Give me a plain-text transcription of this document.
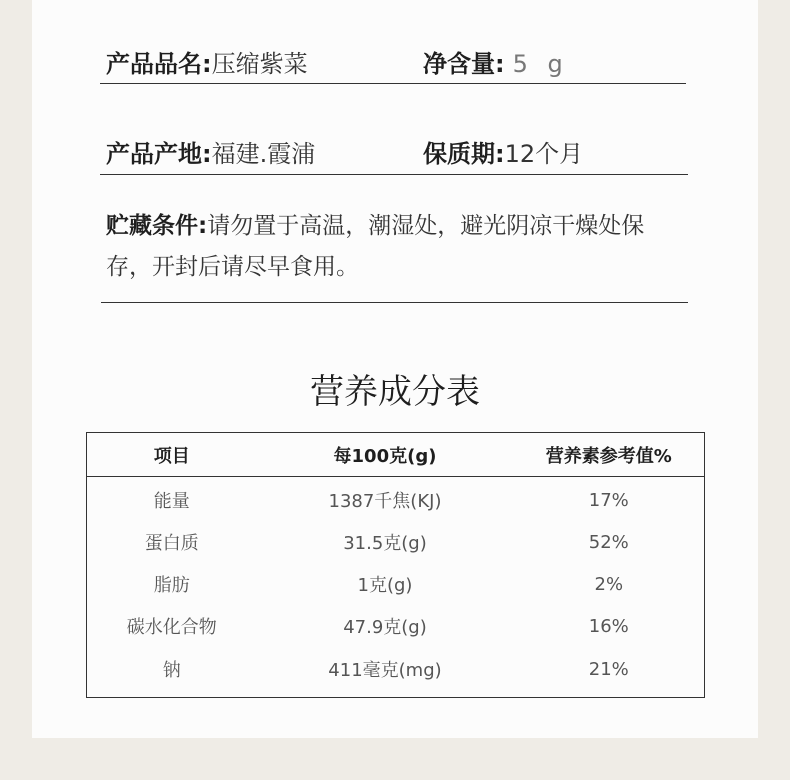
产品品名: 压缩紫菜	净含量: 5 g
产品产地: 福建.霞浦	保质期: 12个月
贮藏条件:请勿置于高温，潮湿处，避光阴凉干燥处保存，开封后请尽早食用。
营养成分表
项目	每100克(g)	营养素参考值%
能量	1387千焦(KJ)	17%
蛋白质	31.5克(g)	52%
脂肪	1克(g)	2%
碳水化合物	47.9克(g)	16%
钠	411毫克(mg)	21%
